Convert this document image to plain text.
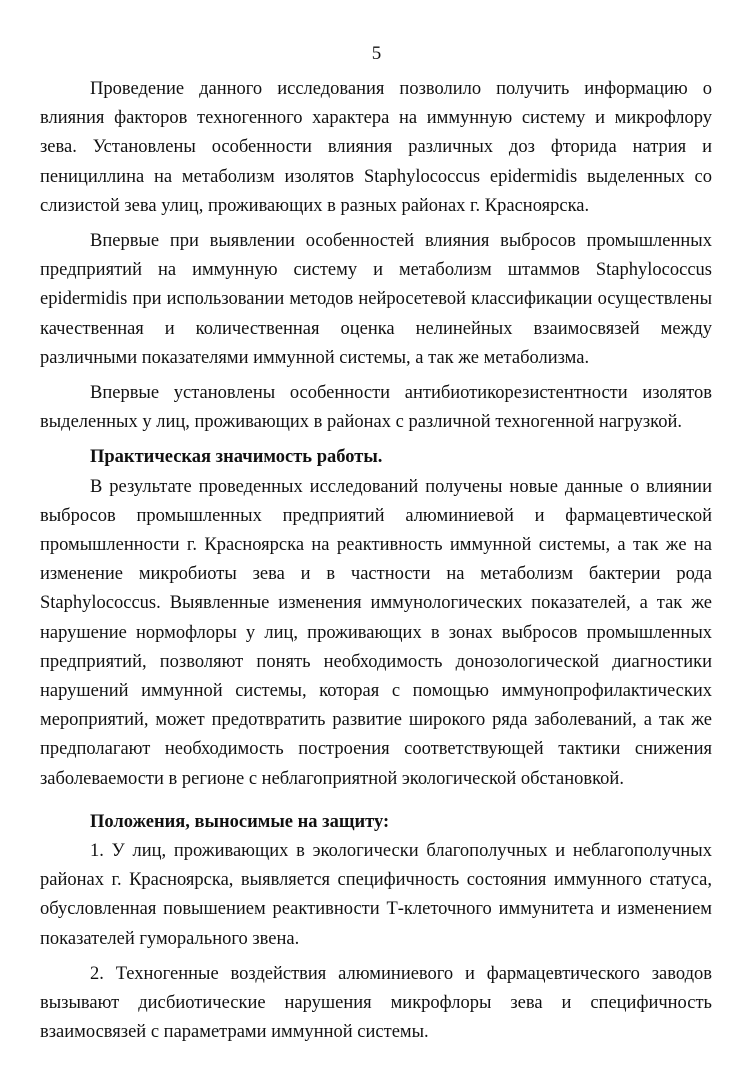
5

Проведение данного исследования позволило получить информацию о влияния факторов техногенного характера на иммунную систему и микрофлору зева. Установлены особенности влияния различных доз фторида натрия и пенициллина на метаболизм изолятов Staphylococcus epidermidis выделенных со слизистой зева улиц, проживающих в разных районах г. Красноярска.

Впервые при выявлении особенностей влияния выбросов промышленных предприятий на иммунную систему и метаболизм штаммов Staphylococcus epidermidis при использовании методов нейросетевой классификации осуществлены качественная и количественная оценка нелинейных взаимосвязей между различными показателями иммунной системы, а так же метаболизма.

Впервые установлены особенности антибиотикорезистентности изолятов выделенных у лиц, проживающих в районах с различной техногенной нагрузкой.

Практическая значимость работы.

В результате проведенных исследований получены новые данные о влиянии выбросов промышленных предприятий алюминиевой и фармацевтической промышленности г. Красноярска на реактивность иммунной системы, а так же на изменение микробиоты зева и в частности на метаболизм бактерии рода Staphylococcus. Выявленные изменения иммунологических показателей, а так же нарушение нормофлоры у лиц, проживающих в зонах выбросов промышленных предприятий, позволяют понять необходимость донозологической диагностики нарушений иммунной системы, которая с помощью иммунопрофилактических мероприятий, может предотвратить развитие широкого ряда заболеваний, а так же предполагают необходимость построения соответствующей тактики снижения заболеваемости в регионе с неблагоприятной экологической обстановкой.

Положения, выносимые на защиту:

1. У лиц, проживающих в экологически благополучных и неблагополучных районах г. Красноярска, выявляется специфичность состояния иммунного статуса, обусловленная повышением реактивности Т-клеточного иммунитета и изменением показателей гуморального звена.

2. Техногенные воздействия алюминиевого и фармацевтического заводов вызывают дисбиотические нарушения микрофлоры зева и специфичность взаимосвязей с параметрами иммунной системы.
